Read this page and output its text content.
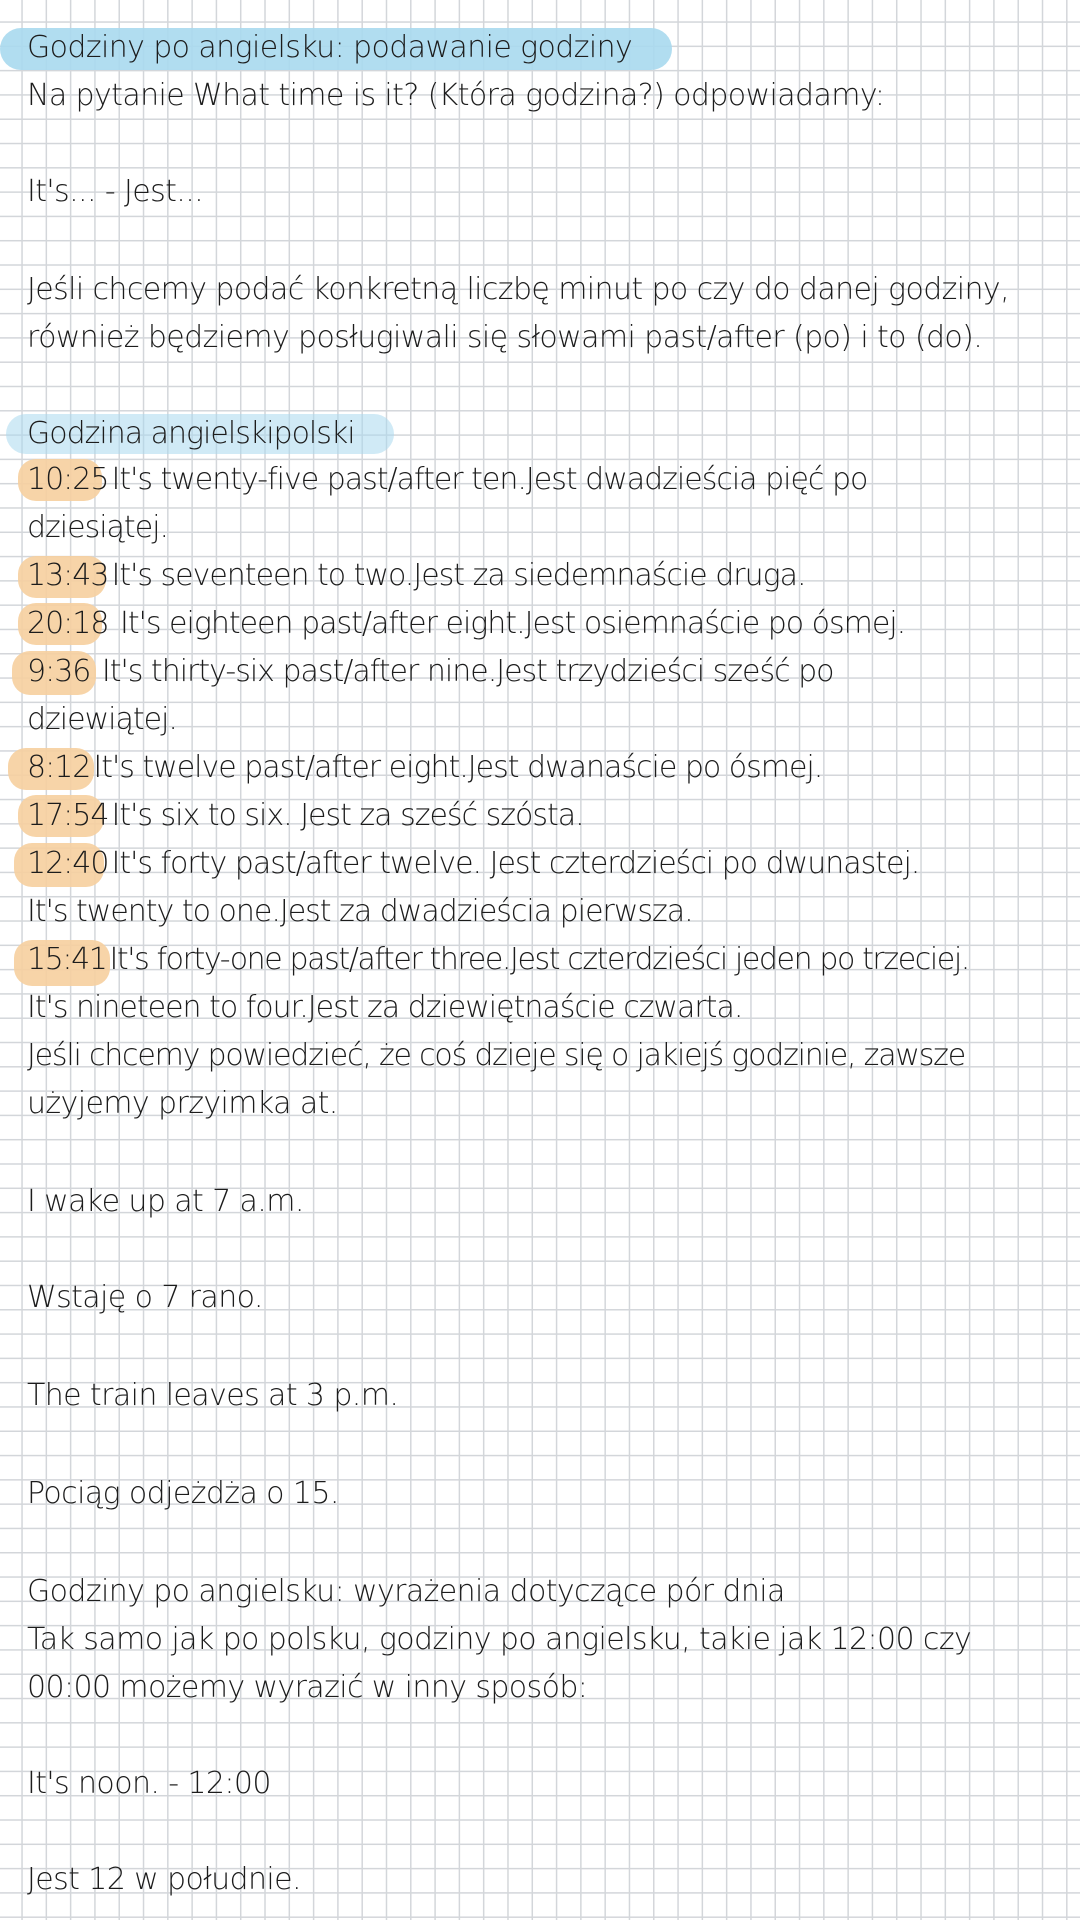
Godziny po angielsku: podawanie godziny
Na pytanie What time is it? (Która godzina?) odpowiadamy:
It's... - Jest...
Jeśli chcemy podać konkretną liczbę minut po czy do danej godziny,
również będziemy posługiwali się słowami past/after (po) i to (do).
Godzina angielskipolski
10:25 It's twenty-five past/after ten.Jest dwadzieścia pięć po
dziesiątej.
13:43 It's seventeen to two.Jest za siedemnaście druga.
20:18 It's eighteen past/after eight.Jest osiemnaście po ósmej.
9:36 It's thirty-six past/after nine.Jest trzydzieści sześć po
dziewiątej.
8:12 It's twelve past/after eight.Jest dwanaście po ósmej.
17:54 It's six to six. Jest za sześć szósta.
12:40 It's forty past/after twelve. Jest czterdzieści po dwunastej.
It's twenty to one.Jest za dwadzieścia pierwsza.
15:41 It's forty-one past/after three.Jest czterdzieści jeden po trzeciej.
It's nineteen to four.Jest za dziewiętnaście czwarta.
Jeśli chcemy powiedzieć, że coś dzieje się o jakiejś godzinie, zawsze
użyjemy przyimka at.
I wake up at 7 a.m.
Wstaję o 7 rano.
The train leaves at 3 p.m.
Pociąg odjeżdża o 15.
Godziny po angielsku: wyrażenia dotyczące pór dnia
Tak samo jak po polsku, godziny po angielsku, takie jak 12:00 czy
00:00 możemy wyrazić w inny sposób:
It's noon. - 12:00
Jest 12 w południe.
